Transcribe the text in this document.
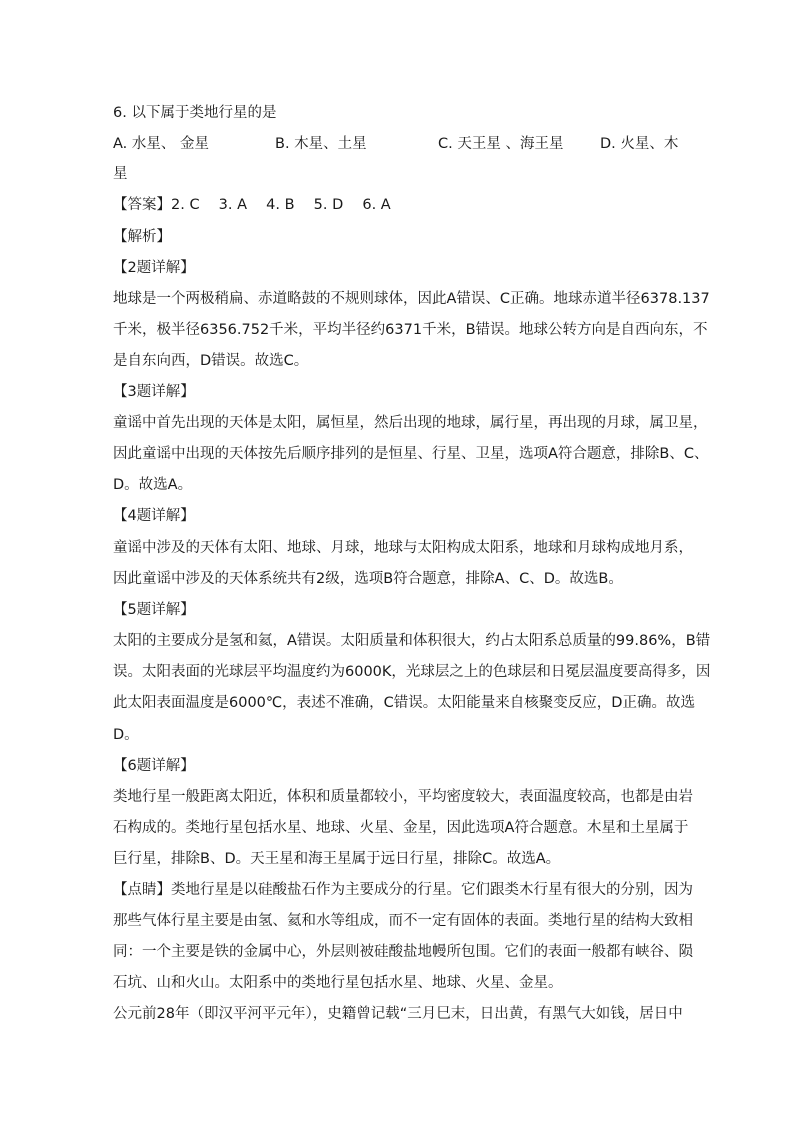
6. 以下属于类地行星的是
A. 水星、 金星	B. 木星、土星	C. 天王星 、海王星	D. 火星、木
星
【答案】2. C　 3. A　 4. B　 5. D　 6. A
【解析】
【2题详解】
地球是一个两极稍扁、赤道略鼓的不规则球体，因此A错误、C正确。地球赤道半径6378.137
千米，极半径6356.752千米，平均半径约6371千米，B错误。地球公转方向是自西向东，不
是自东向西，D错误。故选C。
【3题详解】
童谣中首先出现的天体是太阳，属恒星，然后出现的地球，属行星，再出现的月球，属卫星，
因此童谣中出现的天体按先后顺序排列的是恒星、行星、卫星，选项A符合题意，排除B、C、
D。故选A。
【4题详解】
童谣中涉及的天体有太阳、地球、月球，地球与太阳构成太阳系，地球和月球构成地月系，
因此童谣中涉及的天体系统共有2级，选项B符合题意，排除A、C、D。故选B。
【5题详解】
太阳的主要成分是氢和氦，A错误。太阳质量和体积很大，约占太阳系总质量的99.86%，B错
误。太阳表面的光球层平均温度约为6000K，光球层之上的色球层和日冕层温度要高得多，因
此太阳表面温度是6000℃，表述不准确，C错误。太阳能量来自核聚变反应，D正确。故选
D。
【6题详解】
类地行星一般距离太阳近，体积和质量都较小，平均密度较大，表面温度较高，也都是由岩
石构成的。类地行星包括水星、地球、火星、金星，因此选项A符合题意。木星和土星属于
巨行星，排除B、D。天王星和海王星属于远日行星，排除C。故选A。
【点睛】类地行星是以硅酸盐石作为主要成分的行星。它们跟类木行星有很大的分别，因为
那些气体行星主要是由氢、氦和水等组成，而不一定有固体的表面。类地行星的结构大致相
同：一个主要是铁的金属中心，外层则被硅酸盐地幔所包围。它们的表面一般都有峡谷、陨
石坑、山和火山。太阳系中的类地行星包括水星、地球、火星、金星。
公元前28年（即汉平河平元年），史籍曾记载“三月巳末，日出黄，有黑气大如钱，居日中
